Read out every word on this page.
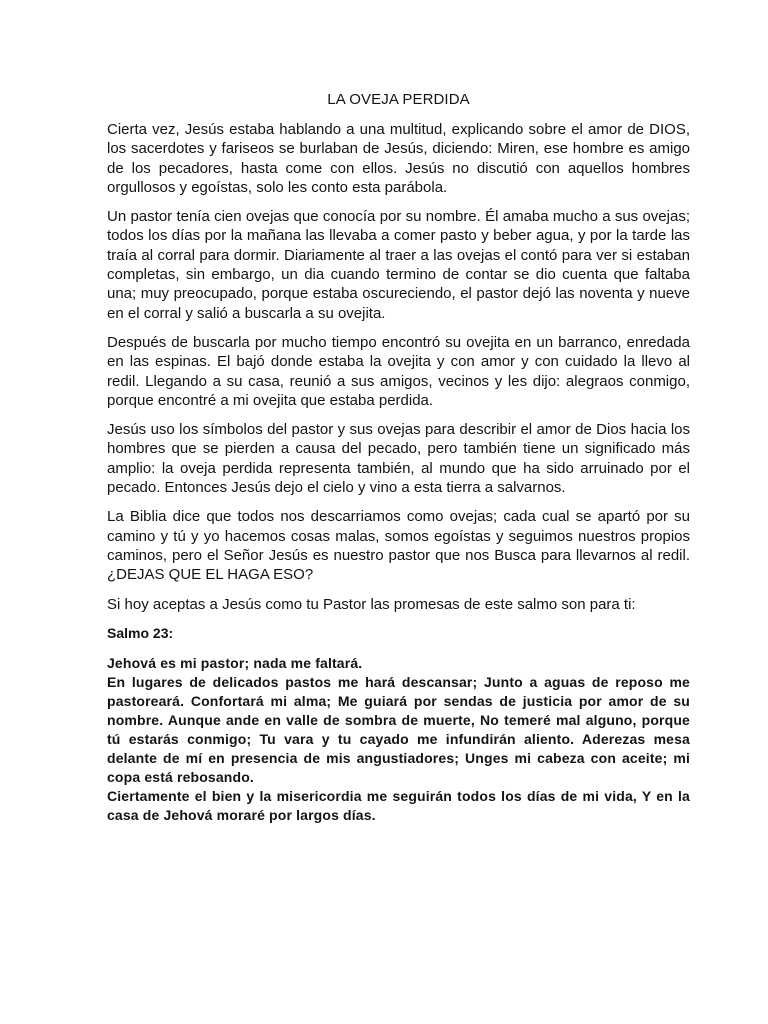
LA OVEJA PERDIDA

Cierta vez, Jesús estaba hablando a una multitud, explicando sobre el amor de DIOS, los sacerdotes y fariseos se burlaban de Jesús, diciendo: Miren, ese hombre es amigo de los pecadores, hasta come con ellos. Jesús no discutió con aquellos hombres orgullosos y egoístas, solo les conto esta parábola.

Un pastor tenía cien ovejas que conocía por su nombre. Él amaba mucho a sus ovejas; todos los días por la mañana las llevaba a comer pasto y beber agua, y por la tarde las traía al corral para dormir. Diariamente al traer a las ovejas el contó para ver si estaban completas, sin embargo, un dia cuando termino de contar se dio cuenta que faltaba una; muy preocupado, porque estaba oscureciendo, el pastor dejó las noventa y nueve en el corral y salió a buscarla a su ovejita.

Después de buscarla por mucho tiempo encontró su ovejita en un barranco, enredada en las espinas. El bajó donde estaba la ovejita y con amor y con cuidado la llevo al redil. Llegando a su casa, reunió a sus amigos, vecinos y les dijo: alegraos conmigo, porque encontré a mi ovejita que estaba perdida.

Jesús uso los símbolos del pastor y sus ovejas para describir el amor de Dios hacia los hombres que se pierden a causa del pecado, pero también tiene un significado más amplio: la oveja perdida representa también, al mundo que ha sido arruinado por el pecado. Entonces Jesús dejo el cielo y vino a esta tierra a salvarnos.

La Biblia dice que todos nos descarriamos como ovejas; cada cual se apartó por su camino y tú y yo hacemos cosas malas, somos egoístas y seguimos nuestros propios caminos, pero el Señor Jesús es nuestro pastor que nos Busca para llevarnos al redil. ¿DEJAS QUE EL HAGA ESO?

Si hoy aceptas a Jesús como tu Pastor las promesas de este salmo son para ti:

Salmo 23:
Jehová es mi pastor; nada me faltará.
En lugares de delicados pastos me hará descansar; Junto a aguas de reposo me pastoreará. Confortará mi alma; Me guiará por sendas de justicia por amor de su nombre. Aunque ande en valle de sombra de muerte, No temeré mal alguno, porque tú estarás conmigo; Tu vara y tu cayado me infundirán aliento. Aderezas mesa delante de mí en presencia de mis angustiadores; Unges mi cabeza con aceite; mi copa está rebosando.
Ciertamente el bien y la misericordia me seguirán todos los días de mi vida, Y en la casa de Jehová moraré por largos días.
